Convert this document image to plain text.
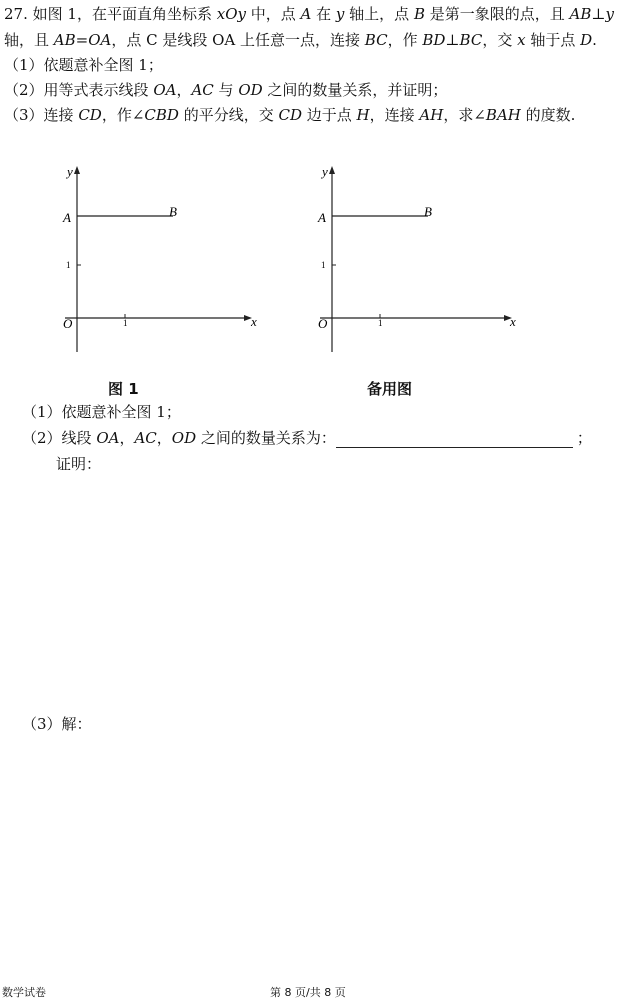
27. 如图 1，在平面直角坐标系 xOy 中，点 A 在 y 轴上，点 B 是第一象限的点，且 AB⊥y
轴，且 AB=OA，点 C 是线段 OA 上任意一点，连接 BC，作 BD⊥BC，交 x 轴于点 D.
（1）依题意补全图 1；
（2）用等式表示线段 OA，AC 与 OD 之间的数量关系，并证明；
（3）连接 CD，作∠CBD 的平分线，交 CD 边于点 H，连接 AH，求∠BAH 的度数.
y
x
A	B
O
1
1
y
x
A	B
O
1
1
图 1	备用图
（1）依题意补全图 1；
（2）线段 OA，AC，OD 之间的数量关系为：	；
证明：
（3）解：
数学试卷	第 8 页/共 8 页
